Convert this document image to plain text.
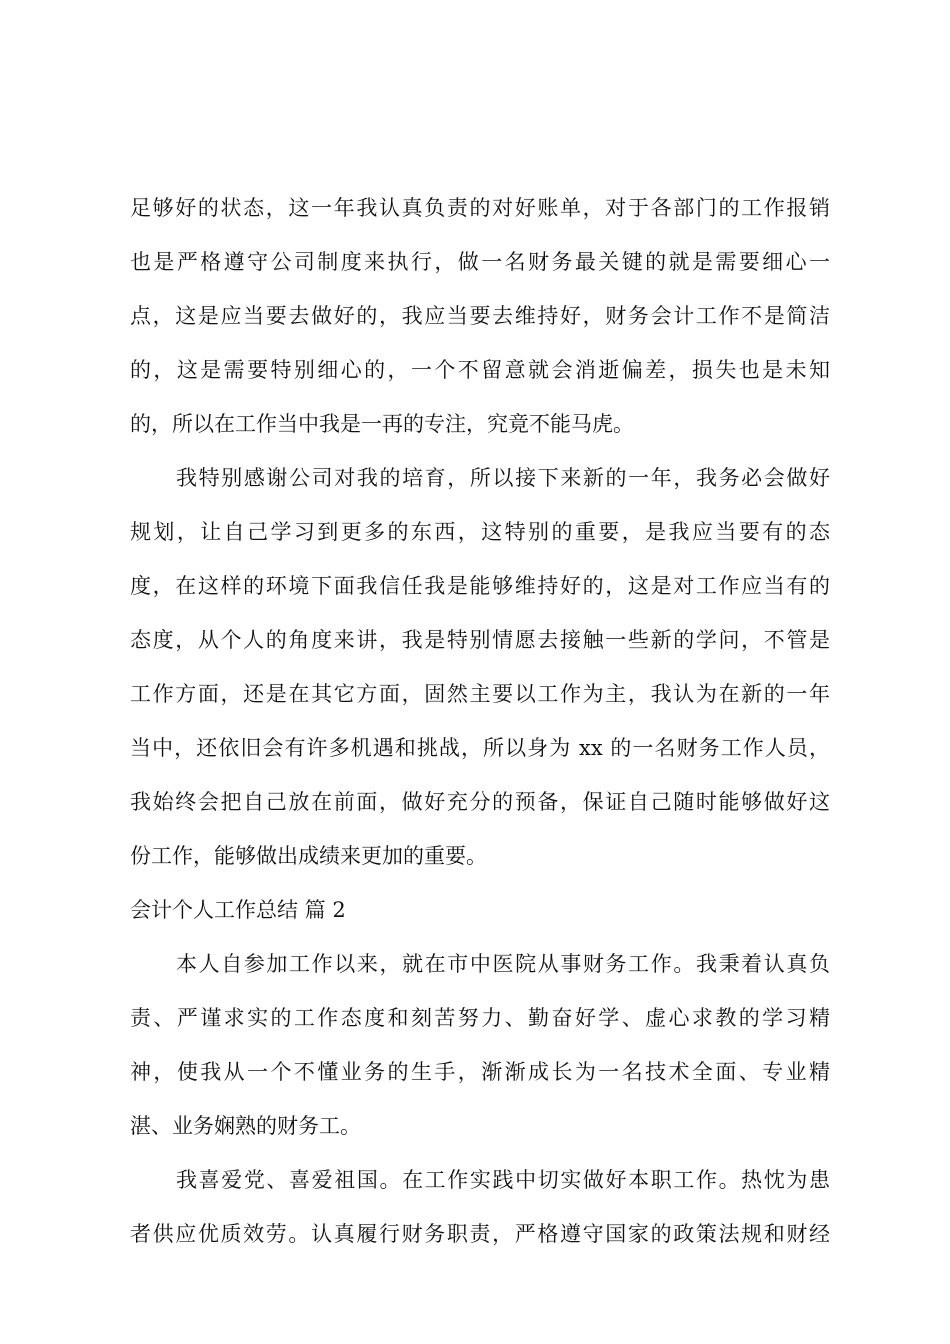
足够好的状态，这一年我认真负责的对好账单，对于各部门的工作报销
也是严格遵守公司制度来执行，做一名财务最关键的就是需要细心一
点，这是应当要去做好的，我应当要去维持好，财务会计工作不是简洁
的，这是需要特别细心的，一个不留意就会消逝偏差，损失也是未知
的，所以在工作当中我是一再的专注，究竟不能马虎。
我特别感谢公司对我的培育，所以接下来新的一年，我务必会做好
规划，让自己学习到更多的东西，这特别的重要，是我应当要有的态
度，在这样的环境下面我信任我是能够维持好的，这是对工作应当有的
态度，从个人的角度来讲，我是特别情愿去接触一些新的学问，不管是
工作方面，还是在其它方面，固然主要以工作为主，我认为在新的一年
当中，还依旧会有许多机遇和挑战，所以身为 xx 的一名财务工作人员，
我始终会把自己放在前面，做好充分的预备，保证自己随时能够做好这
份工作，能够做出成绩来更加的重要。
会计个人工作总结 篇 2
本人自参加工作以来，就在市中医院从事财务工作。我秉着认真负
责、严谨求实的工作态度和刻苦努力、勤奋好学、虚心求教的学习精
神，使我从一个不懂业务的生手，渐渐成长为一名技术全面、专业精
湛、业务娴熟的财务工。
我喜爱党、喜爱祖国。在工作实践中切实做好本职工作。热忱为患
者供应优质效劳。认真履行财务职责，严格遵守国家的政策法规和财经
